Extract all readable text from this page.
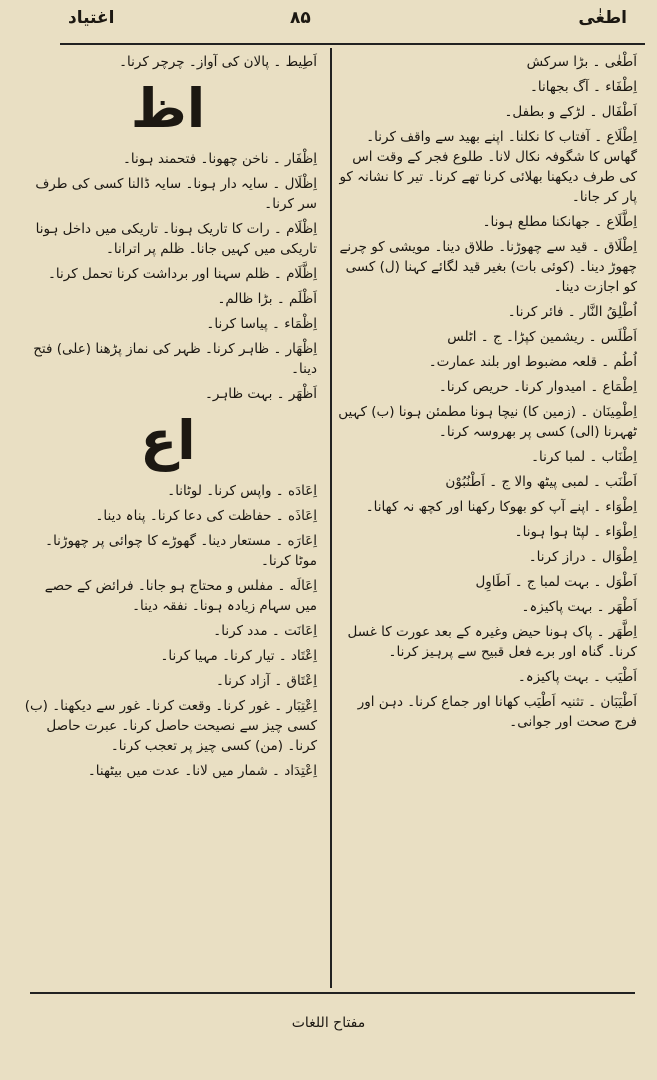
اغتیاد	۸۵	اطغٰی
اَطْغٰی ۔ بڑا سرکش
اِطْفَاء ۔ آگ بجھانا۔
اَطْفَال ۔ لڑکے و بطفل۔
اِطْلَاع ۔ آفتاب کا نکلنا۔ اپنے بھید سے واقف کرنا۔ گھاس کا شگوفہ نکال لانا۔ طلوع فجر کے وقت اس کی طرف دیکھنا بھلائی کرنا تھے کرنا۔ تیر کا نشانہ کو پار کر جانا۔
اِطَّلَاع ۔ جھانکنا مطلع ہونا۔
اِطْلَاق ۔ قید سے چھوڑنا۔ طلاق دینا۔ مویشی کو چرنے چھوڑ دینا۔ (کوئی بات) بغیر قید لگائے کہنا (ل) کسی کو اجازت دینا۔
اُطْلِقُ النَّار ۔ فائر کرنا۔
اَطْلَس ۔ ریشمین کپڑا۔ ج ۔ اٹلس
اُطُم ۔ قلعہ مضبوط اور بلند عمارت۔
اِطْمَاع ۔ امیدوار کرنا۔ حریص کرنا۔
اِطْمِینَان ۔ (زمین کا) نیچا ہونا مطمئن ہونا (ب) کہیں ٹھہرنا (الی) کسی پر بھروسہ کرنا۔
اِطْنَاب ۔ لمبا کرنا۔
اَطْنَب ۔ لمبی پیٹھ والا ج ۔ اَطْنُبُوْن
اِطْوَاء ۔ اپنے آپ کو بھوکا رکھنا اور کچھ نہ کھانا۔
اِطْوَاء ۔ لپٹا ہوا ہونا۔
اِطْوَال ۔ دراز کرنا۔
اَطْوَل ۔ بہت لمبا ج ۔ اَطَاوِل
اَطْهَر ۔ بہت پاکیزہ۔
اِطَّهَر ۔ پاک ہونا حیض وغیرہ کے بعد عورت کا غسل کرنا۔ گناہ اور برے فعل قبیح سے پرہیز کرنا۔
اَطْیَب ۔ بہت پاکیزہ۔
اَطْیَبَان ۔ تثنیہ اَطْیَب کھانا اور جماع کرنا۔ دہن اور فرج صحت اور جوانی۔
اَطِیط ۔ پالان کی آواز۔ چرچر کرنا۔
اظ
اِظْفَار ۔ ناخن چھونا۔ فتحمند ہونا۔
اِظْلَال ۔ سایہ دار ہونا۔ سایہ ڈالنا کسی کی طرف سر کرنا۔
اِظْلَام ۔ رات کا تاریک ہونا۔ تاریکی میں داخل ہونا تاریکی میں کہیں جانا۔ ظلم پر اترانا۔
اِظَّلَام ۔ ظلم سہنا اور برداشت کرنا تحمل کرنا۔
اَظْلَم ۔ بڑا ظالم۔
اِظْمَاء ۔ پیاسا کرنا۔
اِظْهَار ۔ ظاہر کرنا۔ ظہر کی نماز پڑھنا (علی) فتح دینا۔
اَظْهَر ۔ بہت ظاہر۔
اع
اِعَادَه ۔ واپس کرنا۔ لوٹانا۔
اِعَاذَه ۔ حفاظت کی دعا کرنا۔ پناہ دینا۔
اِعَارَه ۔ مستعار دینا۔ گھوڑے کا چوائی پر چھوڑنا۔ موٹا کرنا۔
اِعَالَه ۔ مفلس و محتاج ہو جانا۔ فرائض کے حصے میں سہام زیادہ ہونا۔ نفقہ دینا۔
اِعَانَت ۔ مدد کرنا۔
اِعْتَاد ۔ تیار کرنا۔ مہیا کرنا۔
اِعْتَاق ۔ آزاد کرنا۔
اِعْتِبَار ۔ غور کرنا۔ وقعت کرنا۔ غور سے دیکھنا۔ (ب) کسی چیز سے نصیحت حاصل کرنا۔ عبرت حاصل کرنا۔ (من) کسی چیز پر تعجب کرنا۔
اِعْتِدَاد ۔ شمار میں لانا۔ عدت میں بیٹھنا۔
مفتاح اللغات
